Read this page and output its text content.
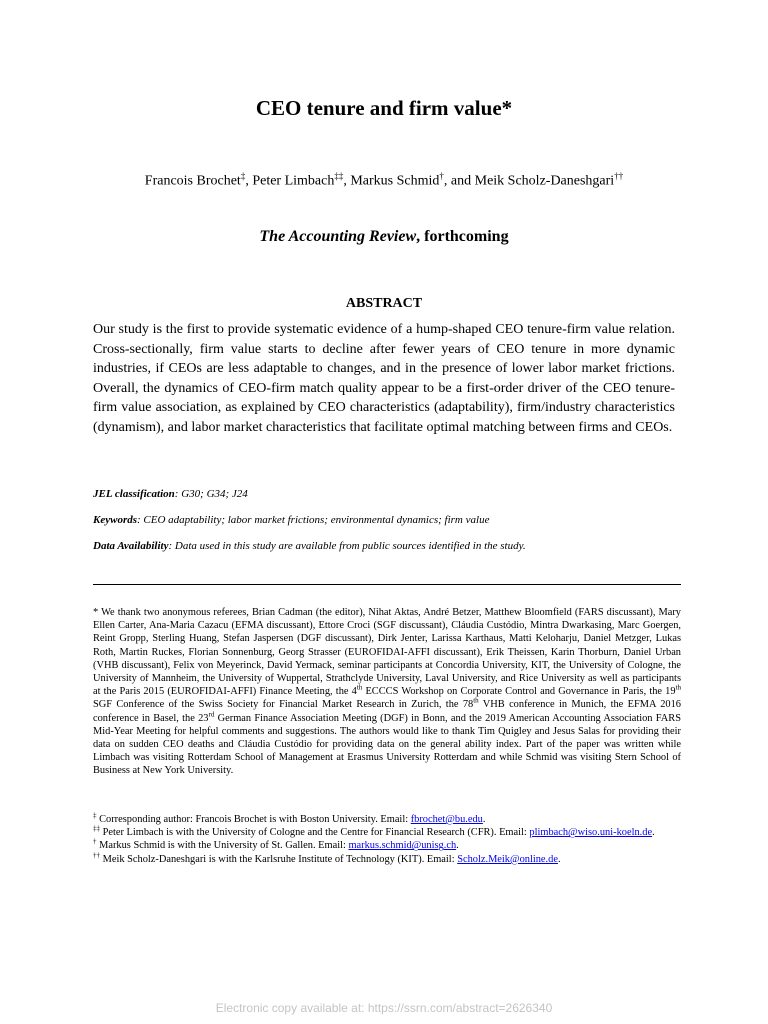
CEO tenure and firm value*
Francois Brochet‡, Peter Limbach‡‡, Markus Schmid†, and Meik Scholz-Daneshgari††
The Accounting Review, forthcoming
ABSTRACT
Our study is the first to provide systematic evidence of a hump-shaped CEO tenure-firm value relation. Cross-sectionally, firm value starts to decline after fewer years of CEO tenure in more dynamic industries, if CEOs are less adaptable to changes, and in the presence of lower labor market frictions. Overall, the dynamics of CEO-firm match quality appear to be a first-order driver of the CEO tenure-firm value association, as explained by CEO characteristics (adaptability), firm/industry characteristics (dynamism), and labor market characteristics that facilitate optimal matching between firms and CEOs.
JEL classification: G30; G34; J24
Keywords: CEO adaptability; labor market frictions; environmental dynamics; firm value
Data Availability: Data used in this study are available from public sources identified in the study.
* We thank two anonymous referees, Brian Cadman (the editor), Nihat Aktas, André Betzer, Matthew Bloomfield (FARS discussant), Mary Ellen Carter, Ana-Maria Cazacu (EFMA discussant), Ettore Croci (SGF discussant), Cláudia Custódio, Mintra Dwarkasing, Marc Goergen, Reint Gropp, Sterling Huang, Stefan Jaspersen (DGF discussant), Dirk Jenter, Larissa Karthaus, Matti Keloharju, Daniel Metzger, Lukas Roth, Martin Ruckes, Florian Sonnenburg, Georg Strasser (EUROFIDAI-AFFI discussant), Erik Theissen, Karin Thorburn, Daniel Urban (VHB discussant), Felix von Meyerinck, David Yermack, seminar participants at Concordia University, KIT, the University of Cologne, the University of Mannheim, the University of Wuppertal, Strathclyde University, Laval University, and Rice University as well as participants at the Paris 2015 (EUROFIDAI-AFFI) Finance Meeting, the 4th ECCCS Workshop on Corporate Control and Governance in Paris, the 19th SGF Conference of the Swiss Society for Financial Market Research in Zurich, the 78th VHB conference in Munich, the EFMA 2016 conference in Basel, the 23rd German Finance Association Meeting (DGF) in Bonn, and the 2019 American Accounting Association FARS Mid-Year Meeting for helpful comments and suggestions. The authors would like to thank Tim Quigley and Jesus Salas for providing their data on sudden CEO deaths and Cláudia Custódio for providing data on the general ability index. Part of the paper was written while Limbach was visiting Rotterdam School of Management at Erasmus University Rotterdam and while Schmid was visiting Stern School of Business at New York University.
‡ Corresponding author: Francois Brochet is with Boston University. Email: fbrochet@bu.edu.
‡‡ Peter Limbach is with the University of Cologne and the Centre for Financial Research (CFR). Email: plimbach@wiso.uni-koeln.de.
† Markus Schmid is with the University of St. Gallen. Email: markus.schmid@unisg.ch.
†† Meik Scholz-Daneshgari is with the Karlsruhe Institute of Technology (KIT). Email: Scholz.Meik@online.de.
Electronic copy available at: https://ssrn.com/abstract=2626340
